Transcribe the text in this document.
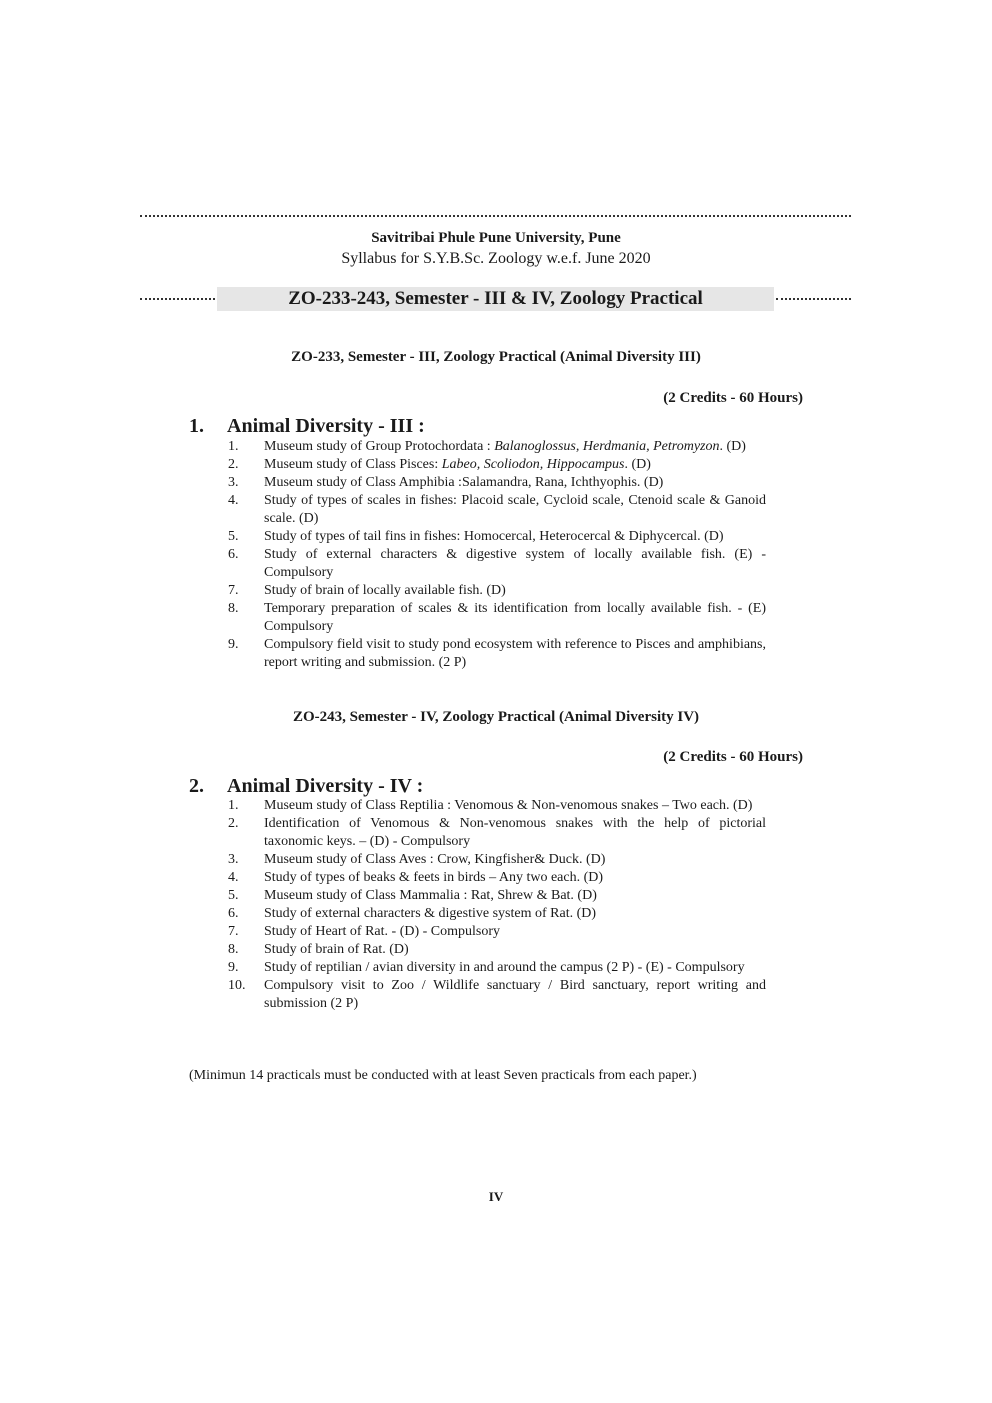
Savitribai Phule Pune University, Pune
Syllabus for S.Y.B.Sc. Zoology w.e.f. June 2020
ZO-233-243, Semester - III & IV, Zoology Practical
ZO-233, Semester - III, Zoology Practical (Animal Diversity III)
(2 Credits - 60 Hours)
1. Animal Diversity - III :
1. Museum study of Group Protochordata : Balanoglossus, Herdmania, Petromyzon. (D)
2. Museum study of Class Pisces: Labeo, Scoliodon, Hippocampus. (D)
3. Museum study of Class Amphibia :Salamandra, Rana, Ichthyophis. (D)
4. Study of types of scales in fishes: Placoid scale, Cycloid scale, Ctenoid scale & Ganoid scale. (D)
5. Study of types of tail fins in fishes: Homocercal, Heterocercal & Diphycercal. (D)
6. Study of external characters & digestive system of locally available fish. (E) - Compulsory
7. Study of brain of locally available fish. (D)
8. Temporary preparation of scales & its identification from locally available fish. - (E) Compulsory
9. Compulsory field visit to study pond ecosystem with reference to Pisces and amphibians, report writing and submission. (2 P)
ZO-243, Semester - IV, Zoology Practical (Animal Diversity IV)
(2 Credits - 60 Hours)
2. Animal Diversity - IV :
1. Museum study of Class Reptilia : Venomous & Non-venomous snakes – Two each. (D)
2. Identification of Venomous & Non-venomous snakes with the help of pictorial taxonomic keys. – (D) - Compulsory
3. Museum study of Class Aves : Crow, Kingfisher& Duck. (D)
4. Study of types of beaks & feets in birds – Any two each. (D)
5. Museum study of Class Mammalia : Rat, Shrew & Bat. (D)
6. Study of external characters & digestive system of Rat. (D)
7. Study of Heart of Rat. - (D) - Compulsory
8. Study of brain of Rat. (D)
9. Study of reptilian / avian diversity in and around the campus (2 P) - (E) - Compulsory
10. Compulsory visit to Zoo / Wildlife sanctuary / Bird sanctuary, report writing and submission (2 P)
(Minimun 14 practicals must be conducted with at least Seven practicals from each paper.)
IV
